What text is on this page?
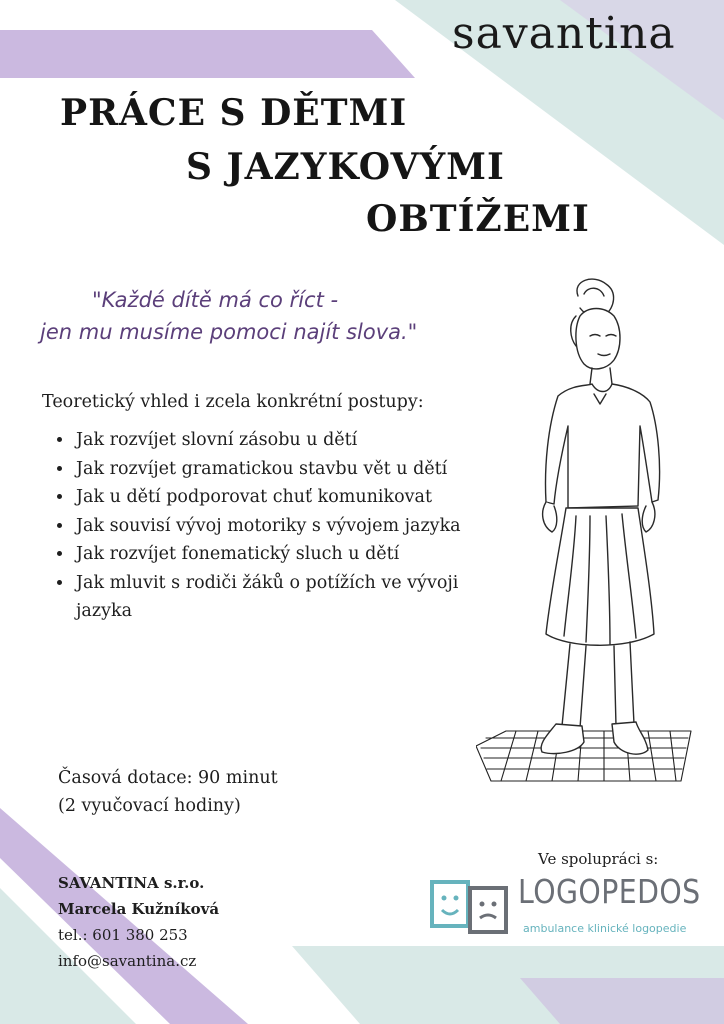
savantina
PRÁCE S DĚTMI
S JAZYKOVÝMI
OBTÍŽEMI
"Každé dítě má co říct -
jen mu musíme pomoci najít slova."
Teoretický vhled i zcela konkrétní postupy:
• Jak rozvíjet slovní zásobu u dětí
• Jak rozvíjet gramatickou stavbu vět u dětí
• Jak u dětí podporovat chuť komunikovat
• Jak souvisí vývoj motoriky s vývojem jazyka
• Jak rozvíjet fonematický sluch u dětí
• Jak mluvit s rodiči žáků o potížích ve vývoji jazyka
Časová dotace: 90 minut
(2 vyučovací hodiny)
SAVANTINA s.r.o.
Marcela Kužníková
tel.: 601 380 253
info@savantina.cz
Ve spolupráci s:
LOGOPEDOS
ambulance klinické logopedie
